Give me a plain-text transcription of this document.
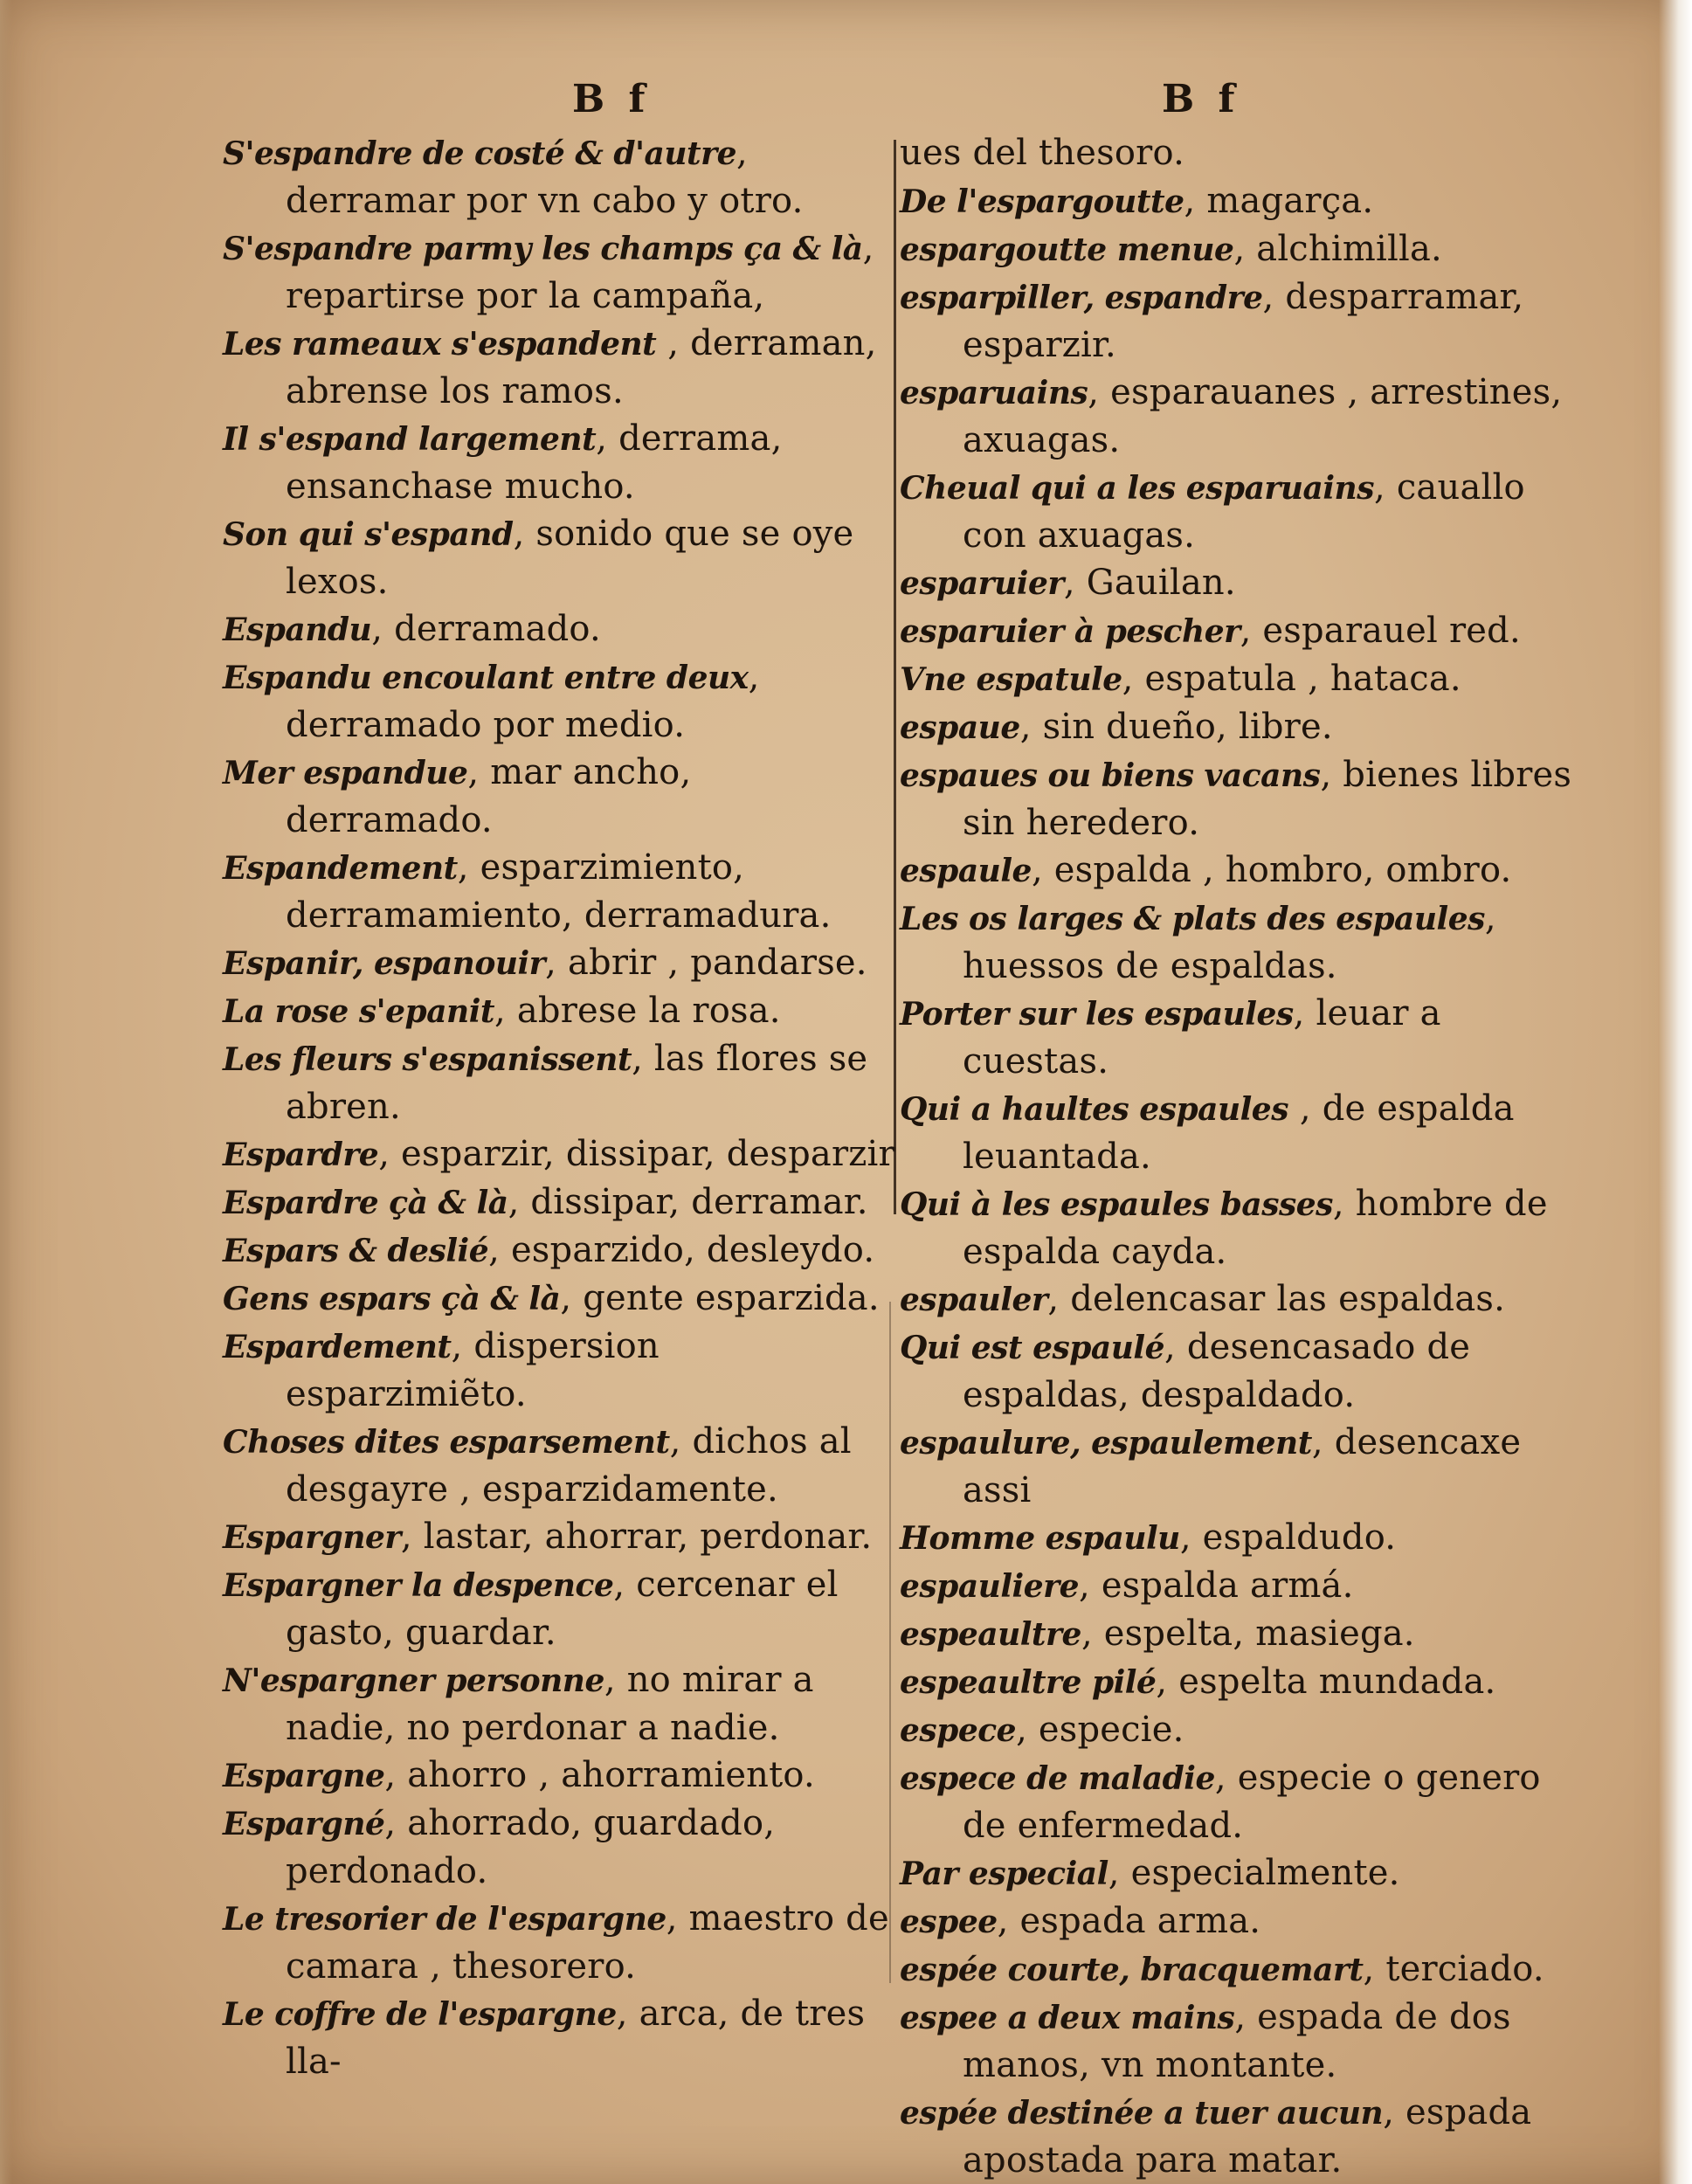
B f	B f

S'espandre de costé & d'autre, derramar por vn cabo y otro.

S'espandre parmy les champs ça & là, repartirse por la campaña,

Les rameaux s'espandent , derraman, abrense los ramos.

Il s'espand largement, derrama, ensanchase mucho.

Son qui s'espand, sonido que se oye lexos.

Espandu, derramado.

Espandu encoulant entre deux, derramado por medio.

Mer espandue, mar ancho, derramado.

Espandement, esparzimiento, derramamiento, derramadura.

Espanir, espanouir, abrir , pandarse.

La rose s'epanit, abrese la rosa.

Les fleurs s'espanissent, las flores se abren.

Espardre, esparzir, dissipar, desparzir

Espardre çà & là, dissipar, derramar.

Espars & deslié, esparzido, desleydo.

Gens espars çà & là, gente esparzida.

Espardement, dispersion esparzimiẽto.

Choses dites esparsement, dichos al desgayre , esparzidamente.

Espargner, lastar, ahorrar, perdonar.

Espargner la despence, cercenar el gasto, guardar.

N'espargner personne, no mirar a nadie, no perdonar a nadie.

Espargne, ahorro , ahorramiento.

Espargné, ahorrado, guardado, perdonado.

Le tresorier de l'espargne, maestro de camara , thesorero.

Le coffre de l'espargne, arca, de tres lla-

ues del thesoro.

De l'espargoutte, magarça.

espargoutte menue, alchimilla.

esparpiller, espandre, desparramar, esparzir.

esparuains, esparauanes , arrestines, axuagas.

Cheual qui a les esparuains, cauallo con axuagas.

esparuier, Gauilan.

esparuier à pescher, esparauel red.

Vne espatule, espatula , hataca.

espaue, sin dueño, libre.

espaues ou biens vacans, bienes libres sin heredero.

espaule, espalda , hombro, ombro.

Les os larges & plats des espaules, huessos de espaldas.

Porter sur les espaules, leuar a cuestas.

Qui a haultes espaules , de espalda leuantada.

Qui à les espaules basses, hombre de espalda cayda.

espauler, delencasar las espaldas.

Qui est espaulé, desencasado de espaldas, despaldado.

espaulure, espaulement, desencaxe assi

Homme espaulu, espaldudo.

espauliere, espalda armá.

espeaultre, espelta, masiega.

espeaultre pilé, espelta mundada.

espece, especie.

espece de maladie, especie o genero de enfermedad.

Par especial, especialmente.

espee, espada arma.

espée courte, bracquemart, terciado.

espee a deux mains, espada de dos manos, vn montante.

espée destinée a tuer aucun, espada apostada para matar.
